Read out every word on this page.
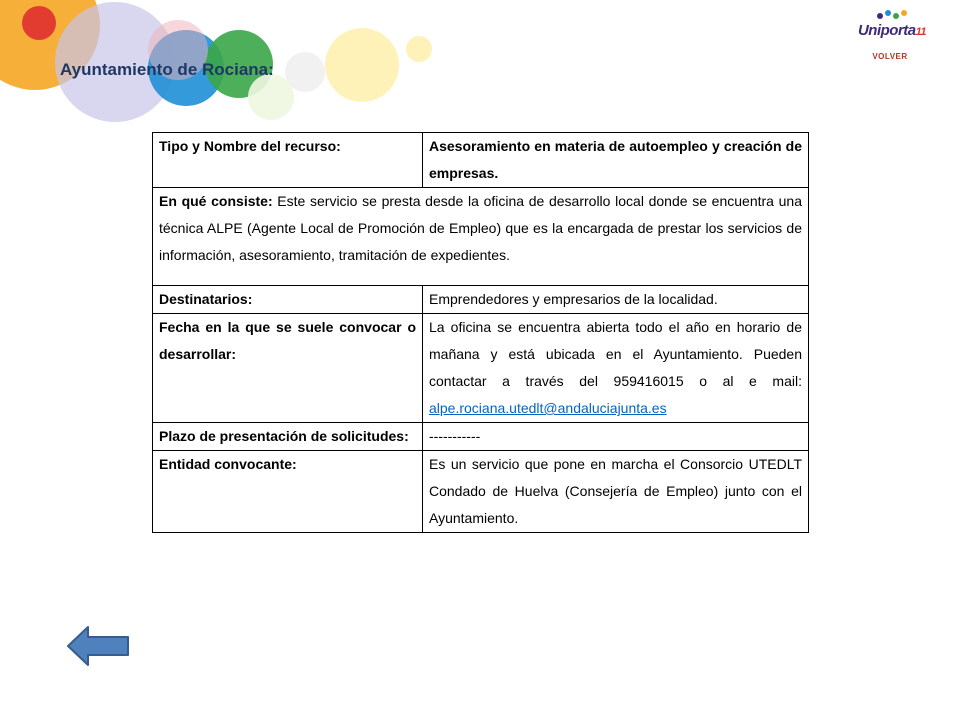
Ayuntamiento de Rociana:
Uniporta11
VOLVER
Tipo y Nombre del recurso:	Asesoramiento en materia de autoempleo y creación de empresas.
En qué consiste: Este servicio se presta desde la oficina de desarrollo local donde se encuentra una técnica ALPE (Agente Local de Promoción de Empleo) que es la encargada de prestar los servicios de información, asesoramiento, tramitación de expedientes.	
Destinatarios:	Emprendedores y empresarios de la localidad.
Fecha en la que se suele convocar o desarrollar:	La oficina se encuentra abierta todo el año en horario de mañana y está ubicada en el Ayuntamiento. Pueden contactar a través del 959416015 o al e mail: alpe.rociana.utedlt@andaluciajunta.es
Plazo de presentación de solicitudes:	-----------
Entidad convocante:	Es un servicio que pone en marcha el Consorcio UTEDLT Condado de Huelva (Consejería de Empleo) junto con el Ayuntamiento.
